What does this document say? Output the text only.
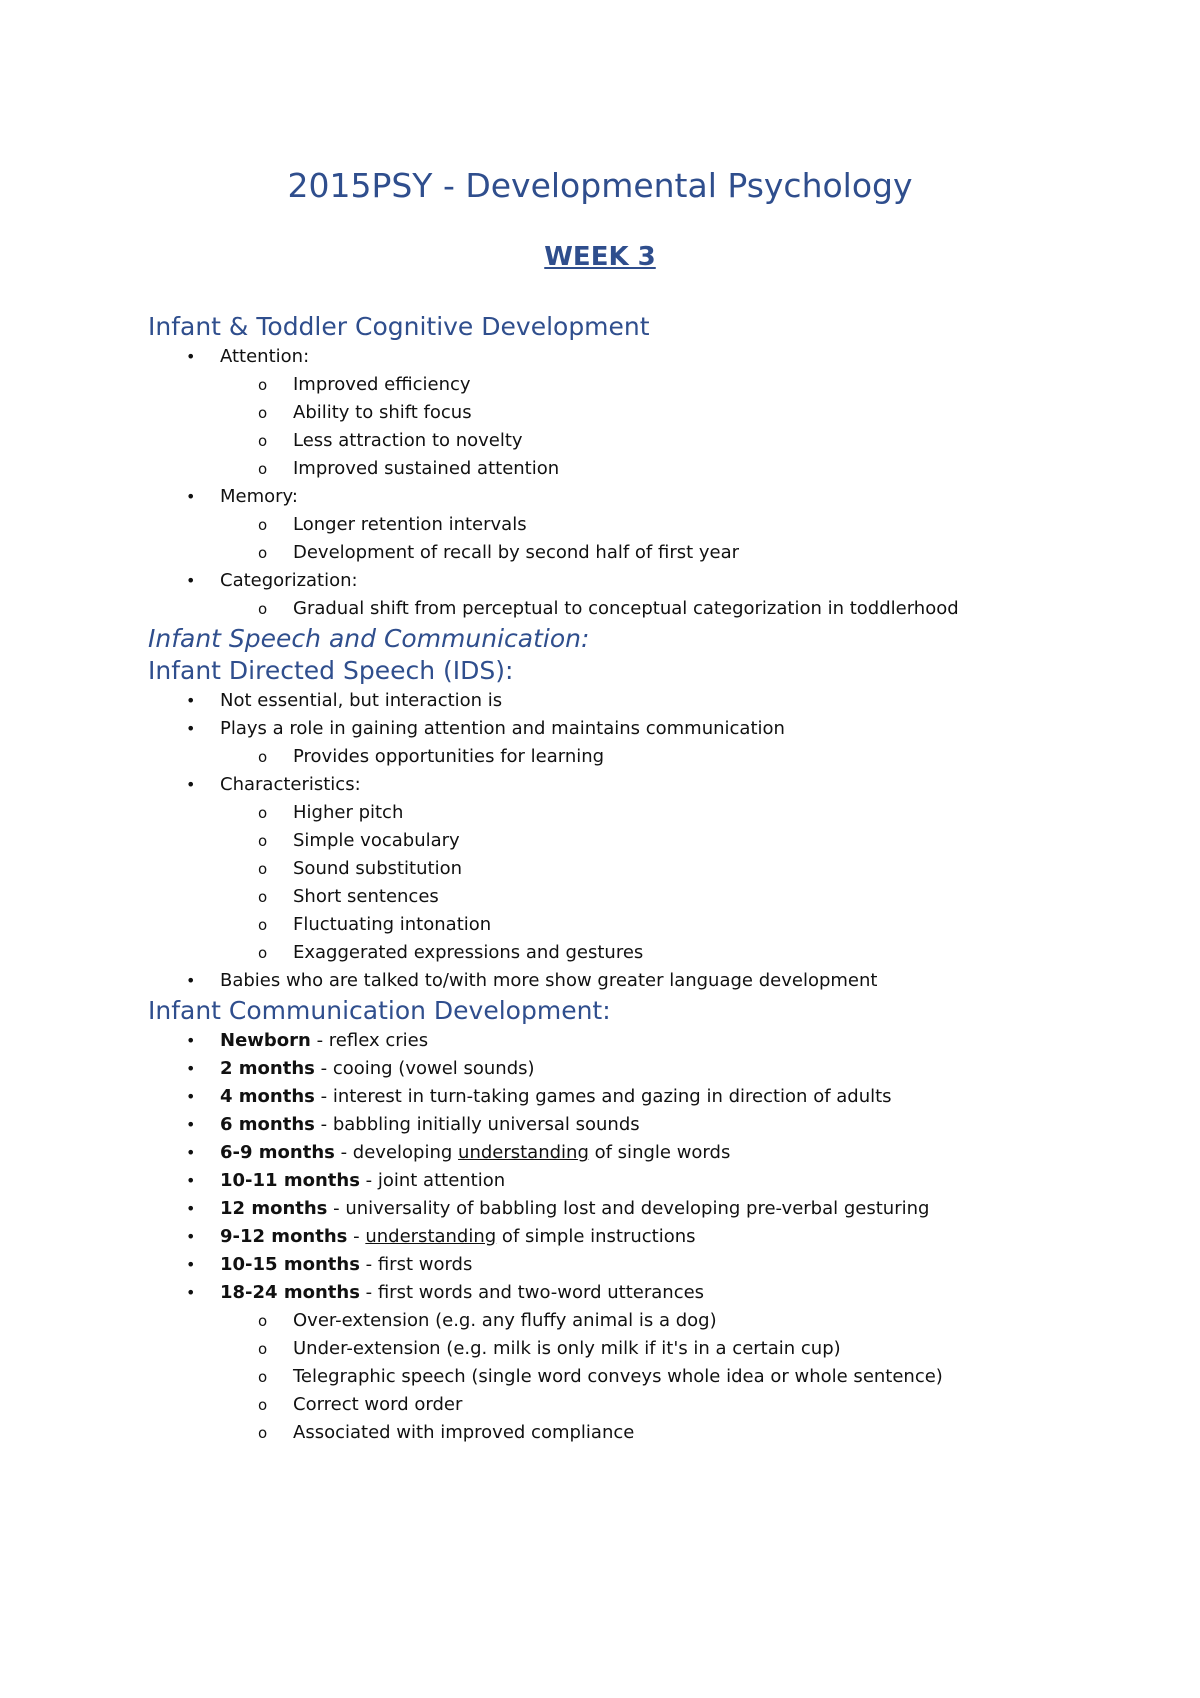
2015PSY - Developmental Psychology
WEEK 3
Infant & Toddler Cognitive Development
• Attention:
o Improved efficiency
o Ability to shift focus
o Less attraction to novelty
o Improved sustained attention
• Memory:
o Longer retention intervals
o Development of recall by second half of first year
• Categorization:
o Gradual shift from perceptual to conceptual categorization in toddlerhood
Infant Speech and Communication:
Infant Directed Speech (IDS):
• Not essential, but interaction is
• Plays a role in gaining attention and maintains communication
o Provides opportunities for learning
• Characteristics:
o Higher pitch
o Simple vocabulary
o Sound substitution
o Short sentences
o Fluctuating intonation
o Exaggerated expressions and gestures
• Babies who are talked to/with more show greater language development
Infant Communication Development:
• Newborn - reflex cries
• 2 months - cooing (vowel sounds)
• 4 months - interest in turn-taking games and gazing in direction of adults
• 6 months - babbling initially universal sounds
• 6-9 months - developing understanding of single words
• 10-11 months - joint attention
• 12 months - universality of babbling lost and developing pre-verbal gesturing
• 9-12 months - understanding of simple instructions
• 10-15 months - first words
• 18-24 months - first words and two-word utterances
o Over-extension (e.g. any fluffy animal is a dog)
o Under-extension (e.g. milk is only milk if it's in a certain cup)
o Telegraphic speech (single word conveys whole idea or whole sentence)
o Correct word order
o Associated with improved compliance
